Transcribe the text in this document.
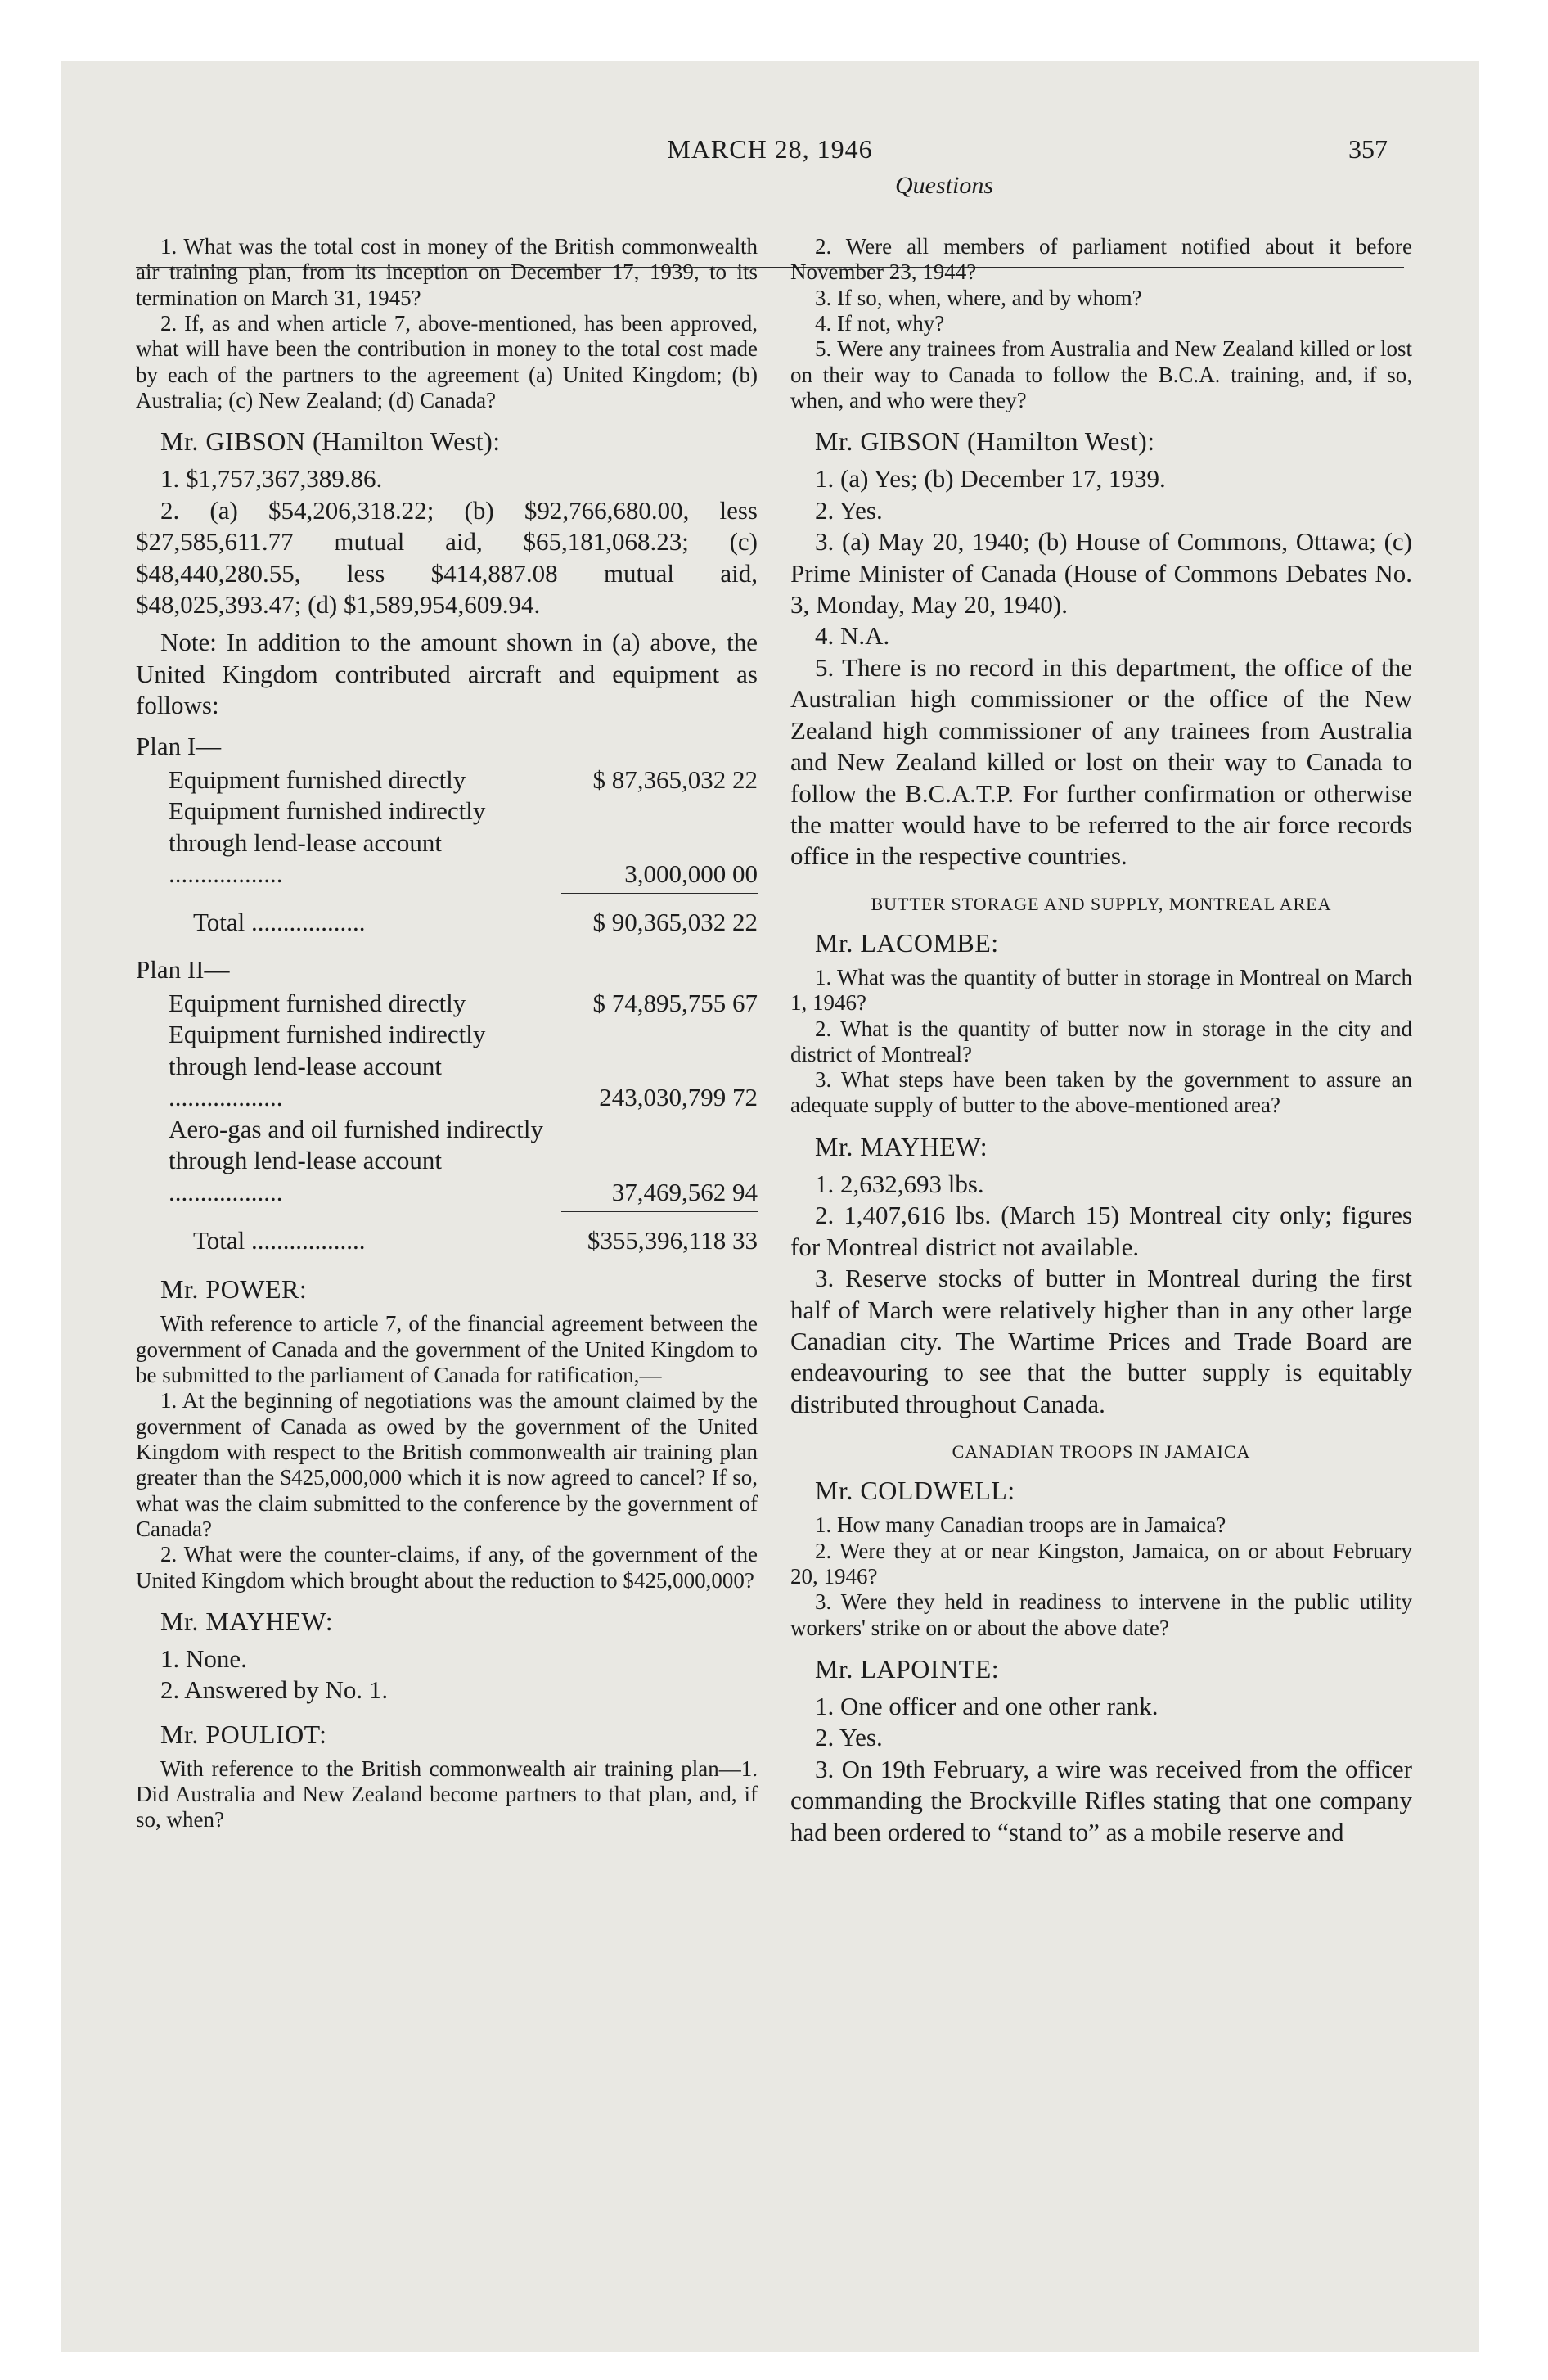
MARCH 28, 1946	357
Questions

1. What was the total cost in money of the British commonwealth air training plan, from its inception on December 17, 1939, to its termination on March 31, 1945?

2. If, as and when article 7, above-mentioned, has been approved, what will have been the contribution in money to the total cost made by each of the partners to the agreement (a) United Kingdom; (b) Australia; (c) New Zealand; (d) Canada?

Mr. GIBSON (Hamilton West):

1. $1,757,367,389.86.

2. (a) $54,206,318.22; (b) $92,766,680.00, less $27,585,611.77 mutual aid, $65,181,068.23; (c) $48,440,280.55, less $414,887.08 mutual aid, $48,025,393.47; (d) $1,589,954,609.94.

Note: In addition to the amount shown in (a) above, the United Kingdom contributed aircraft and equipment as follows:

Plan I—
Equipment furnished directly	$ 87,365,032 22
Equipment furnished indirectly through lend-lease account ..................	3,000,000 00
Total ..................	$ 90,365,032 22
Plan II—
Equipment furnished directly	$ 74,895,755 67
Equipment furnished indirectly through lend-lease account ..................	243,030,799 72
Aero-gas and oil furnished indirectly through lend-lease account ..................	37,469,562 94
Total ..................	$355,396,118 33
Mr. POWER:

With reference to article 7, of the financial agreement between the government of Canada and the government of the United Kingdom to be submitted to the parliament of Canada for ratification,—

1. At the beginning of negotiations was the amount claimed by the government of Canada as owed by the government of the United Kingdom with respect to the British commonwealth air training plan greater than the $425,000,000 which it is now agreed to cancel? If so, what was the claim submitted to the conference by the government of Canada?

2. What were the counter-claims, if any, of the government of the United Kingdom which brought about the reduction to $425,000,000?

Mr. MAYHEW:

1. None.

2. Answered by No. 1.

Mr. POULIOT:

With reference to the British commonwealth air training plan—1. Did Australia and New Zealand become partners to that plan, and, if so, when?

2. Were all members of parliament notified about it before November 23, 1944?

3. If so, when, where, and by whom?

4. If not, why?

5. Were any trainees from Australia and New Zealand killed or lost on their way to Canada to follow the B.C.A. training, and, if so, when, and who were they?

Mr. GIBSON (Hamilton West):

1. (a) Yes; (b) December 17, 1939.

2. Yes.

3. (a) May 20, 1940; (b) House of Commons, Ottawa; (c) Prime Minister of Canada (House of Commons Debates No. 3, Monday, May 20, 1940).

4. N.A.

5. There is no record in this department, the office of the Australian high commissioner or the office of the New Zealand high commissioner of any trainees from Australia and New Zealand killed or lost on their way to Canada to follow the B.C.A.T.P. For further confirmation or otherwise the matter would have to be referred to the air force records office in the respective countries.

BUTTER STORAGE AND SUPPLY, MONTREAL AREA
Mr. LACOMBE:

1. What was the quantity of butter in storage in Montreal on March 1, 1946?

2. What is the quantity of butter now in storage in the city and district of Montreal?

3. What steps have been taken by the government to assure an adequate supply of butter to the above-mentioned area?

Mr. MAYHEW:

1. 2,632,693 lbs.

2. 1,407,616 lbs. (March 15) Montreal city only; figures for Montreal district not available.

3. Reserve stocks of butter in Montreal during the first half of March were relatively higher than in any other large Canadian city. The Wartime Prices and Trade Board are endeavouring to see that the butter supply is equitably distributed throughout Canada.

CANADIAN TROOPS IN JAMAICA
Mr. COLDWELL:

1. How many Canadian troops are in Jamaica?

2. Were they at or near Kingston, Jamaica, on or about February 20, 1946?

3. Were they held in readiness to intervene in the public utility workers' strike on or about the above date?

Mr. LAPOINTE:

1. One officer and one other rank.

2. Yes.

3. On 19th February, a wire was received from the officer commanding the Brockville Rifles stating that one company had been ordered to “stand to” as a mobile reserve and
